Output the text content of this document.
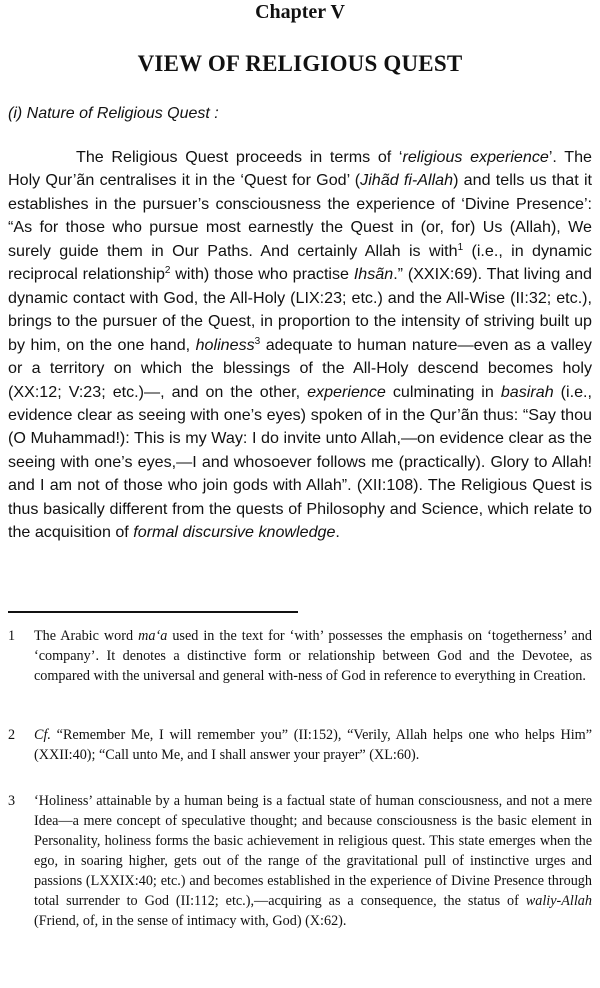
Chapter V
VIEW OF RELIGIOUS QUEST
(i) Nature of Religious Quest :

The Religious Quest proceeds in terms of ‘religious experience’. The Holy Qur’ãn centralises it in the ‘Quest for God’ (Jihãd fi-Allah) and tells us that it establishes in the pursuer’s consciousness the experience of ‘Divine Presence’: “As for those who pursue most earnestly the Quest in (or, for) Us (Allah), We surely guide them in Our Paths. And certainly Allah is with$^1$ (i.e., in dynamic reciprocal relationship$^2$ with) those who practise Ihsãn.” (XXIX:69). That living and dynamic contact with God, the All-Holy (LIX:23; etc.) and the All-Wise (II:32; etc.), brings to the pursuer of the Quest, in proportion to the intensity of striving built up by him, on the one hand, holiness$^3$ adequate to human nature—even as a valley or a territory on which the blessings of the All-Holy descend becomes holy (XX:12; V:23; etc.)—, and on the other, experience culminating in basirah (i.e., evidence clear as seeing with one’s eyes) spoken of in the Qur’ãn thus: “Say thou (O Muhammad!): This is my Way: I do invite unto Allah,—on evidence clear as the seeing with one’s eyes,—I and whosoever follows me (practically). Glory to Allah! and I am not of those who join gods with Allah”. (XII:108). The Religious Quest is thus basically different from the quests of Philosophy and Science, which relate to the acquisition of formal discursive knowledge.

1	The Arabic word ma‘a used in the text for ‘with’ possesses the emphasis on ‘togetherness’ and ‘company’. It denotes a distinctive form or relationship between God and the Devotee, as compared with the universal and general with-ness of God in reference to everything in Creation.

2	Cf. “Remember Me, I will remember you” (II:152), “Verily, Allah helps one who helps Him” (XXII:40); “Call unto Me, and I shall answer your prayer” (XL:60).

3	‘Holiness’ attainable by a human being is a factual state of human consciousness, and not a mere Idea—a mere concept of speculative thought; and because consciousness is the basic element in Personality, holiness forms the basic achievement in religious quest. This state emerges when the ego, in soaring higher, gets out of the range of the gravitational pull of instinctive urges and passions (LXXIX:40; etc.) and becomes established in the experience of Divine Presence through total surrender to God (II:112; etc.),—acquiring as a consequence, the status of waliy-Allah (Friend, of, in the sense of intimacy with, God) (X:62).
